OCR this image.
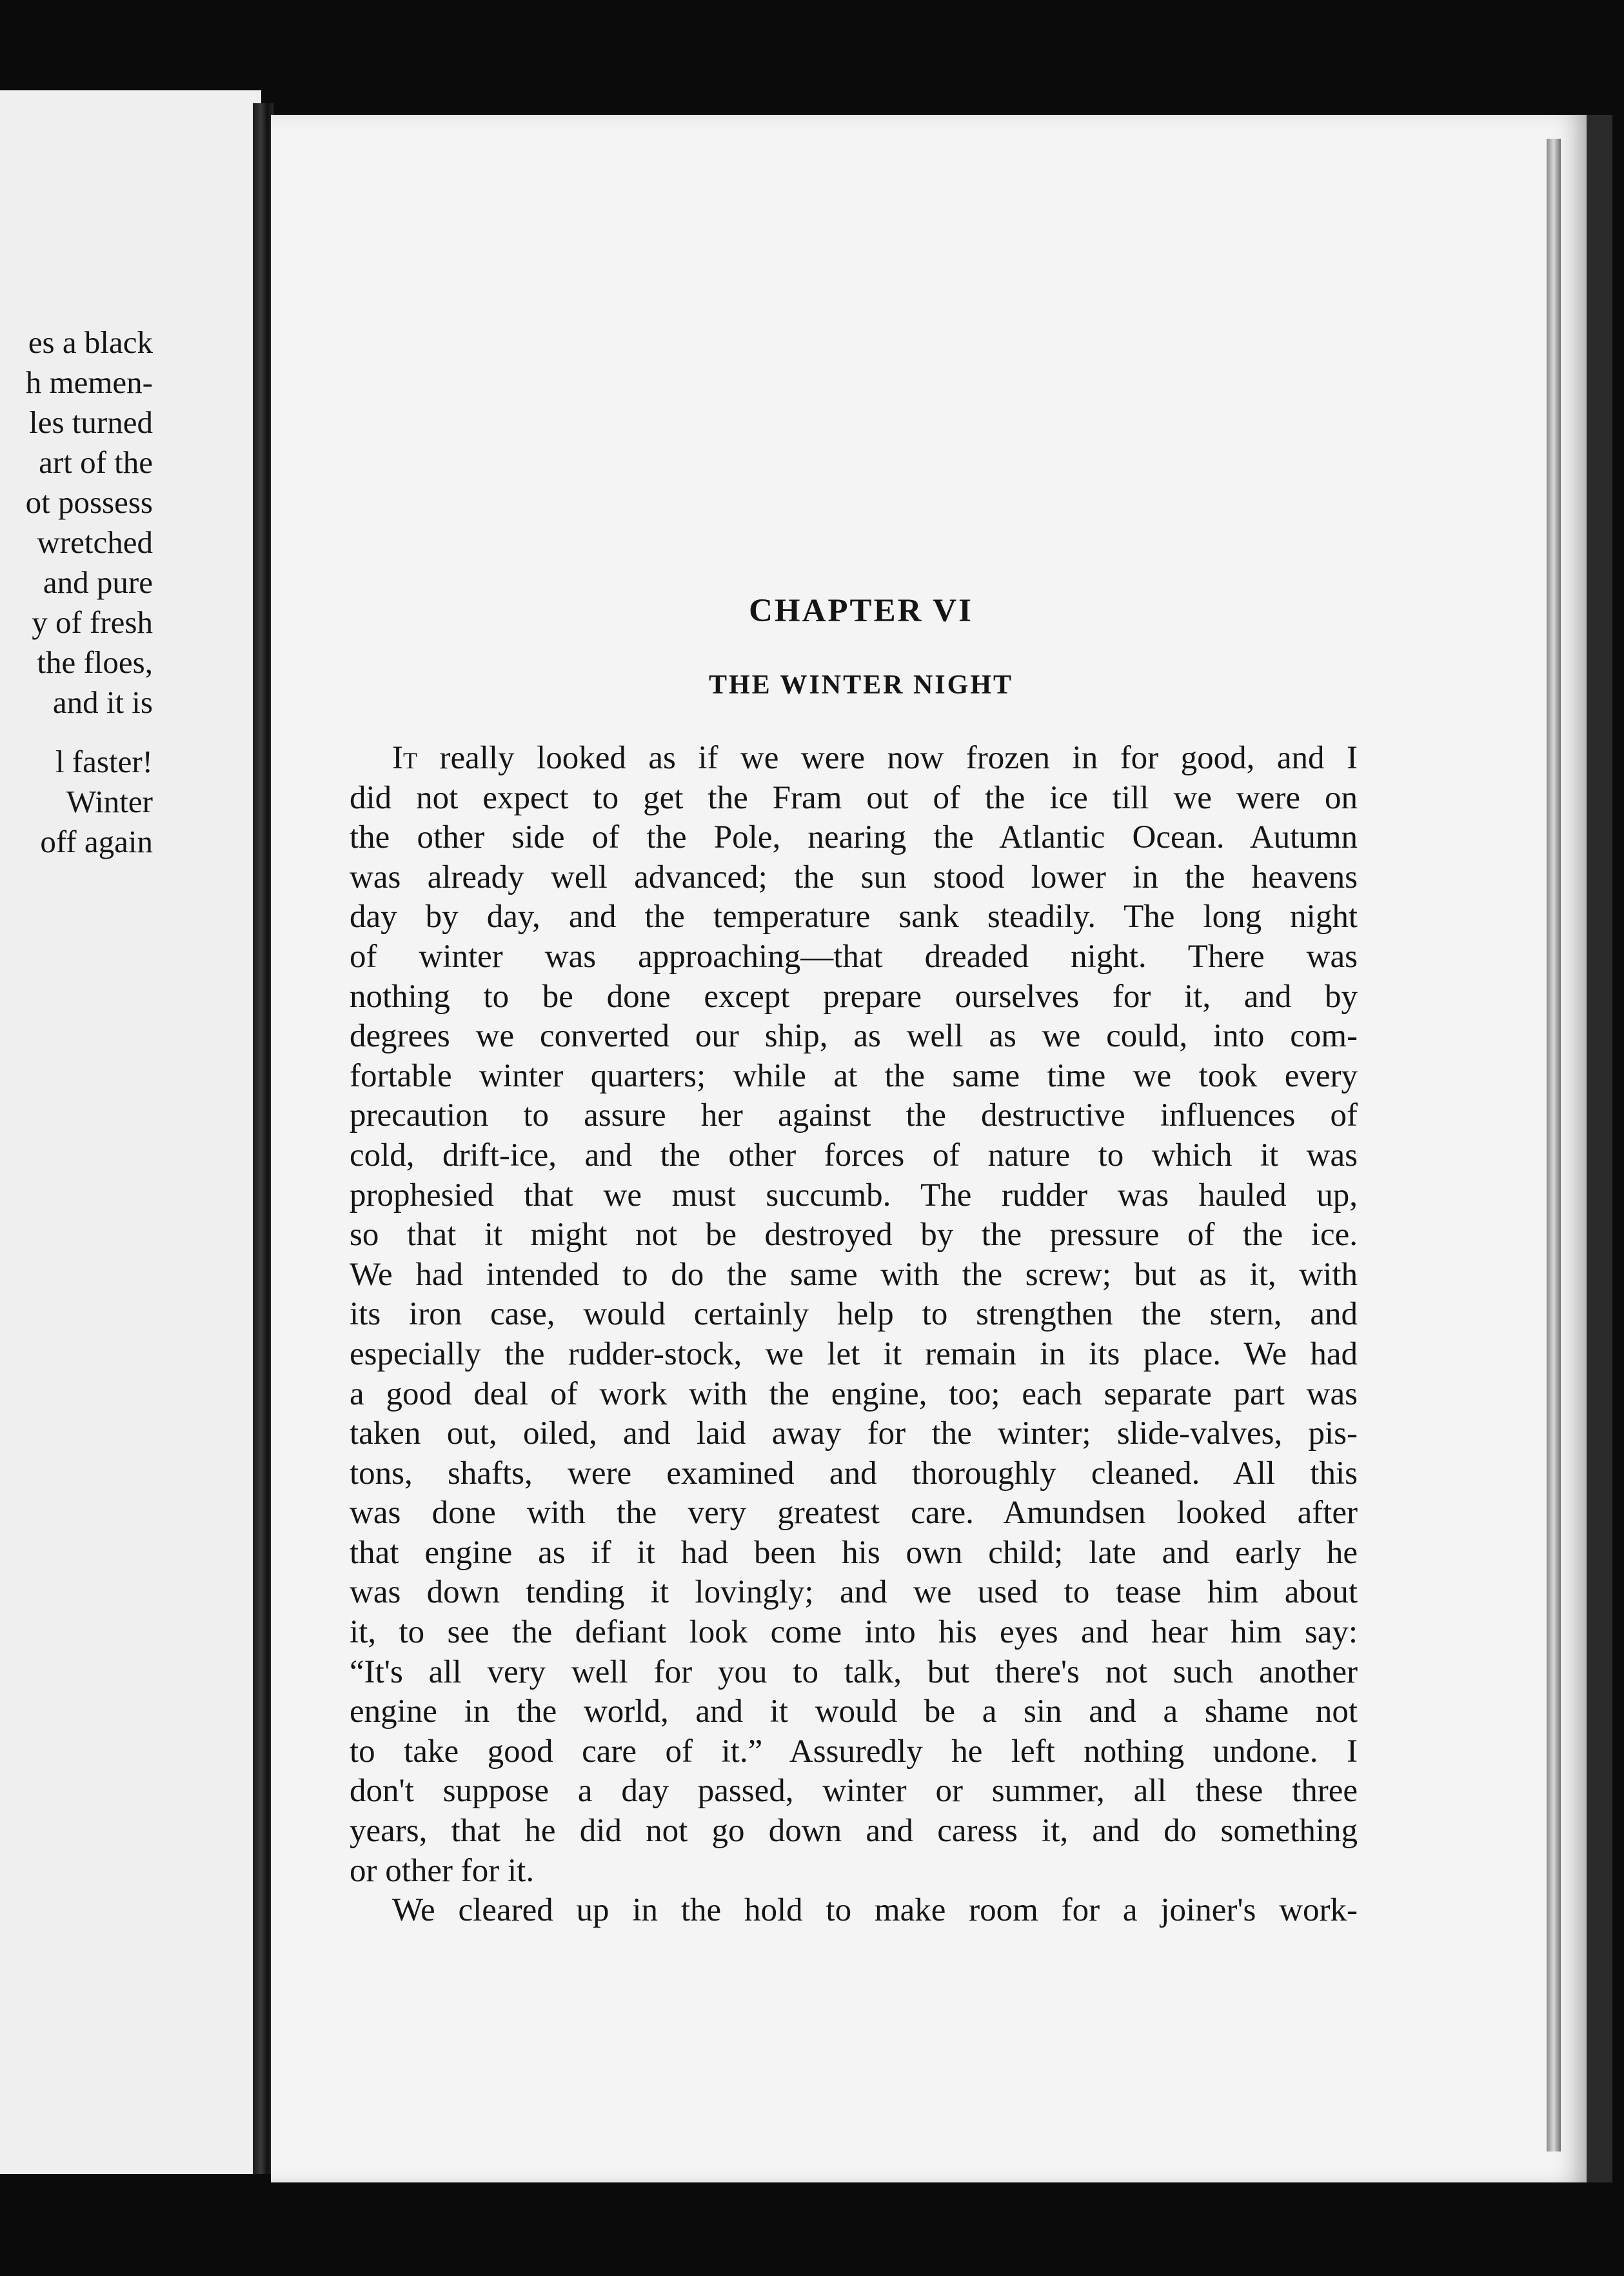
es a black
h memen-
les turned
art of the
ot possess
wretched
and pure
y of fresh
the floes,
and it is
l faster!
Winter
off again
CHAPTER VI
THE WINTER NIGHT
It really looked as if we were now frozen in for good, and I
did not expect to get the Fram out of the ice till we were on
the other side of the Pole, nearing the Atlantic Ocean. Autumn
was already well advanced; the sun stood lower in the heavens
day by day, and the temperature sank steadily. The long night
of winter was approaching—that dreaded night. There was
nothing to be done except prepare ourselves for it, and by
degrees we converted our ship, as well as we could, into com-
fortable winter quarters; while at the same time we took every
precaution to assure her against the destructive influences of
cold, drift-ice, and the other forces of nature to which it was
prophesied that we must succumb. The rudder was hauled up,
so that it might not be destroyed by the pressure of the ice.
We had intended to do the same with the screw; but as it, with
its iron case, would certainly help to strengthen the stern, and
especially the rudder-stock, we let it remain in its place. We had
a good deal of work with the engine, too; each separate part was
taken out, oiled, and laid away for the winter; slide-valves, pis-
tons, shafts, were examined and thoroughly cleaned. All this
was done with the very greatest care. Amundsen looked after
that engine as if it had been his own child; late and early he
was down tending it lovingly; and we used to tease him about
it, to see the defiant look come into his eyes and hear him say:
“It's all very well for you to talk, but there's not such another
engine in the world, and it would be a sin and a shame not
to take good care of it.” Assuredly he left nothing undone. I
don't suppose a day passed, winter or summer, all these three
years, that he did not go down and caress it, and do something
or other for it.
We cleared up in the hold to make room for a joiner's work-
